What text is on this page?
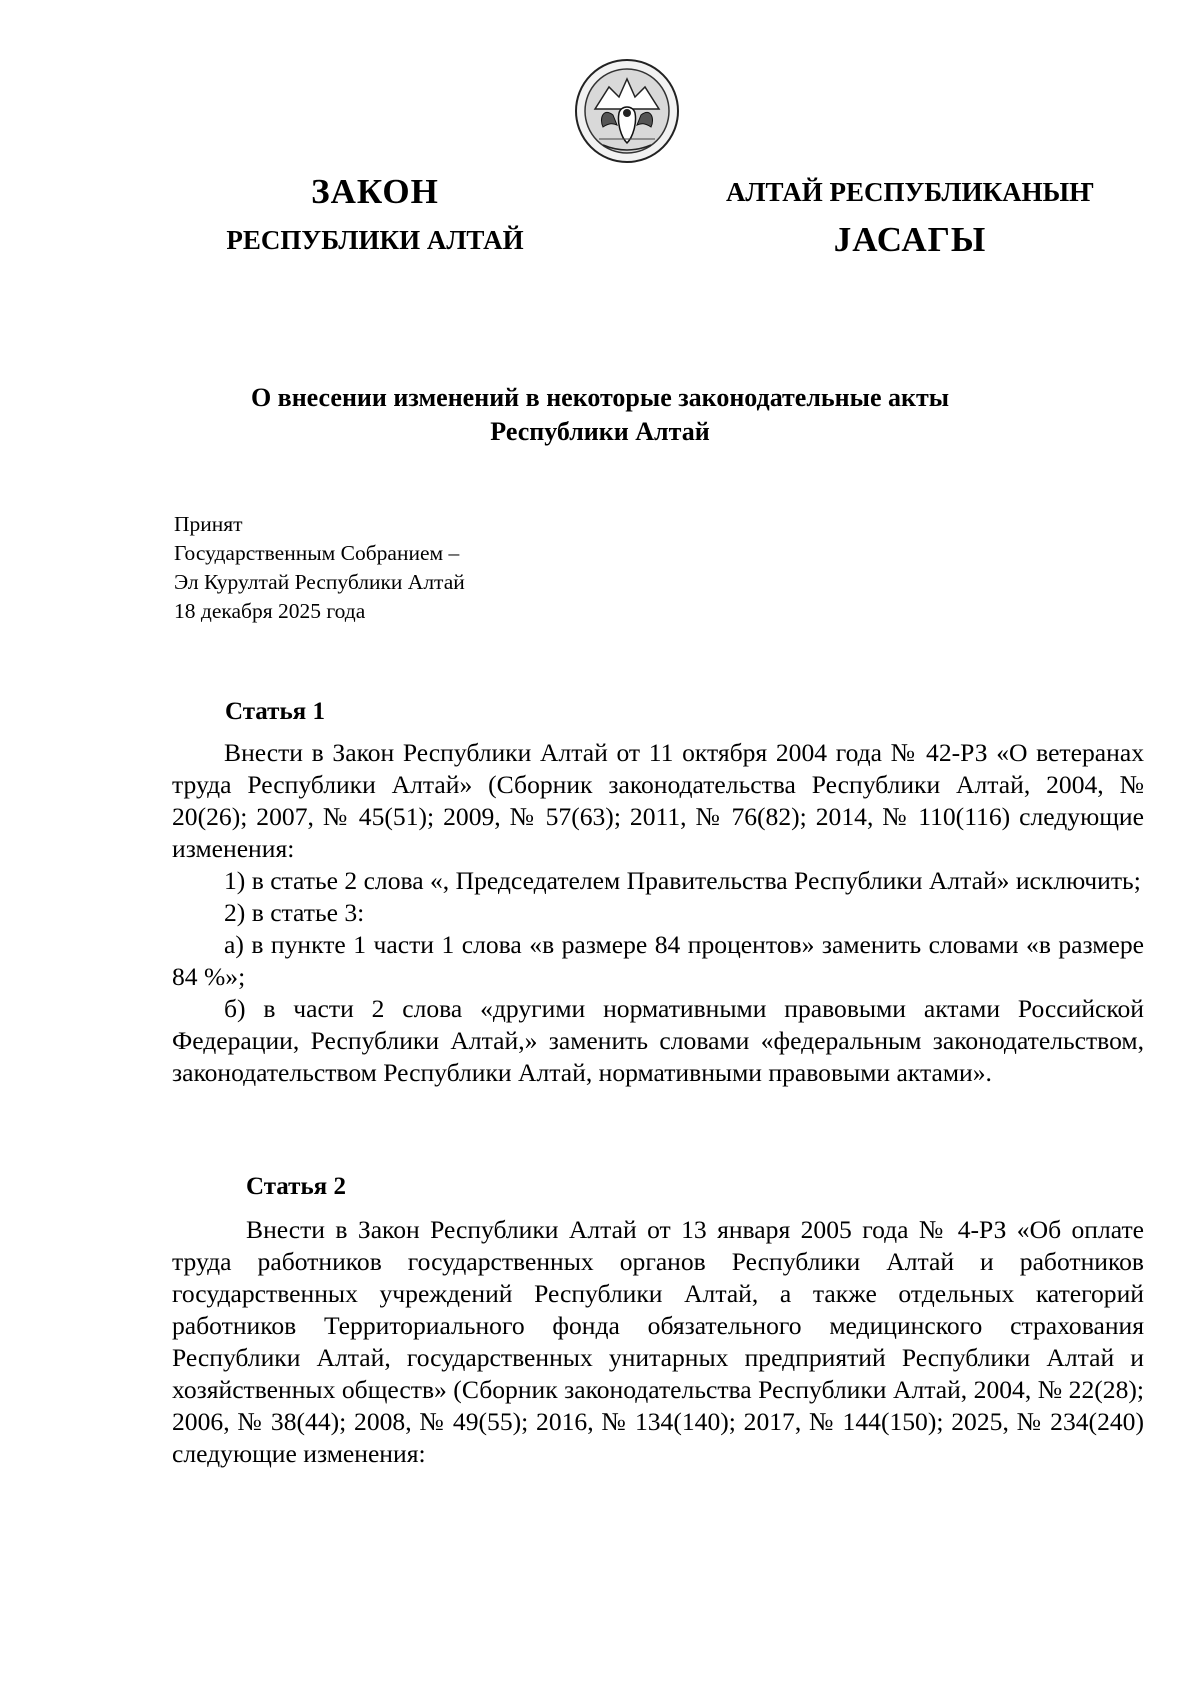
ЗАКОН
РЕСПУБЛИКИ АЛТАЙ
АЛТАЙ РЕСПУБЛИКАНЫҤ
ЈАСАГЫ
О внесении изменений в некоторые законодательные акты
Республики Алтай
Принят
Государственным Собранием –
Эл Курултай Республики Алтай
18 декабря 2025 года
Статья 1

Внести в Закон Республики Алтай от 11 октября 2004 года № 42-РЗ «О ветеранах труда Республики Алтай» (Сборник законодательства Республики Алтай, 2004, № 20(26); 2007, № 45(51); 2009, № 57(63); 2011, № 76(82); 2014, № 110(116) следующие изменения:

1) в статье 2 слова «, Председателем Правительства Республики Алтай» исключить;

2) в статье 3:

а) в пункте 1 части 1 слова «в размере 84 процентов» заменить словами «в размере 84 %»;

б) в части 2 слова «другими нормативными правовыми актами Российской Федерации, Республики Алтай,» заменить словами «федеральным законодательством, законодательством Республики Алтай, нормативными правовыми актами».

Статья 2

Внести в Закон Республики Алтай от 13 января 2005 года № 4-РЗ «Об оплате труда работников государственных органов Республики Алтай и работников государственных учреждений Республики Алтай, а также отдельных категорий работников Территориального фонда обязательного медицинского страхования Республики Алтай, государственных унитарных предприятий Республики Алтай и хозяйственных обществ» (Сборник законодательства Республики Алтай, 2004, № 22(28); 2006, № 38(44); 2008, № 49(55); 2016, № 134(140); 2017, № 144(150); 2025, № 234(240) следующие изменения:
